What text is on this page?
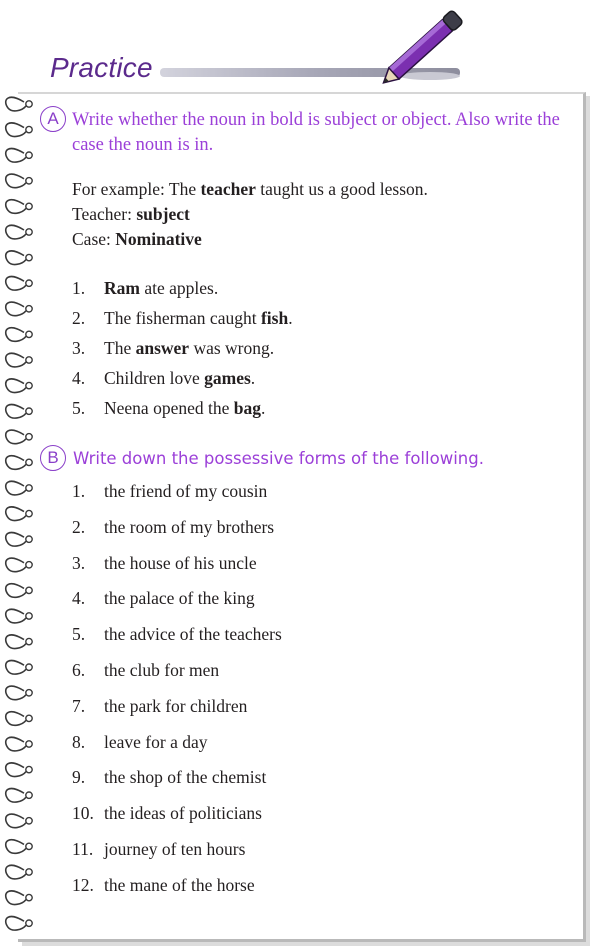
Practice
A Write whether the noun in bold is subject or object. Also write the case the noun is in.
For example: The teacher taught us a good lesson.
Teacher: subject
Case: Nominative
1. Ram ate apples.
2. The fisherman caught fish.
3. The answer was wrong.
4. Children love games.
5. Neena opened the bag.
B Write down the possessive forms of the following.
1. the friend of my cousin
2. the room of my brothers
3. the house of his uncle
4. the palace of the king
5. the advice of the teachers
6. the club for men
7. the park for children
8. leave for a day
9. the shop of the chemist
10. the ideas of politicians
11. journey of ten hours
12. the mane of the horse
